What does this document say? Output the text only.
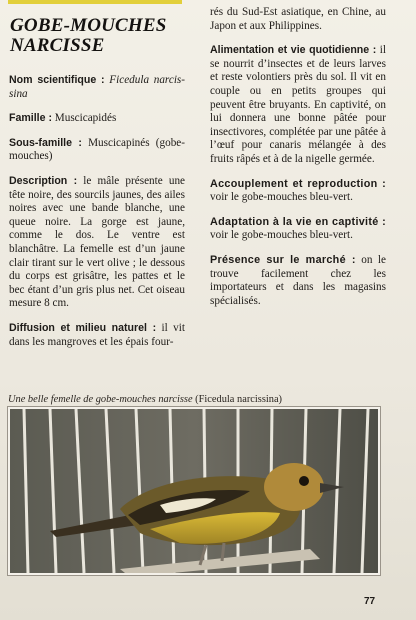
GOBE-MOUCHES
NARCISSE

Nom scientifique : Ficedula narcis-sina

Famille : Muscicapidés

Sous-famille : Muscicapinés (gobe-mouches)

Description : le mâle présente une tête noire, des sourcils jaunes, des ailes noires avec une bande blanche, une queue noire. La gorge est jaune, comme le dos. Le ventre est blanchâtre. La femelle est d’un jaune clair tirant sur le vert olive ; le dessous du corps est grisâtre, les pattes et le bec étant d’un gris plus net. Cet oiseau mesure 8 cm.

Diffusion et milieu naturel : il vit dans les mangroves et les épais four-

rés du Sud-Est asiatique, en Chine, au Japon et aux Philippines.

Alimentation et vie quotidienne : il se nourrit d’insectes et de leurs larves et reste volontiers près du sol. Il vit en couple ou en petits groupes qui peuvent être bruyants. En captivité, on lui donnera une bonne pâtée pour insectivores, complétée par une pâtée à l’œuf pour canaris mélangée à des fruits râpés et à de la nigelle germée.

Accouplement et reproduction : voir le gobe-mouches bleu-vert.

Adaptation à la vie en captivité : voir le gobe-mouches bleu-vert.

Présence sur le marché : on le trouve facilement chez les importateurs et dans les magasins spécialisés.

Une belle femelle de gobe-mouches narcisse (Ficedula narcissina)
77
